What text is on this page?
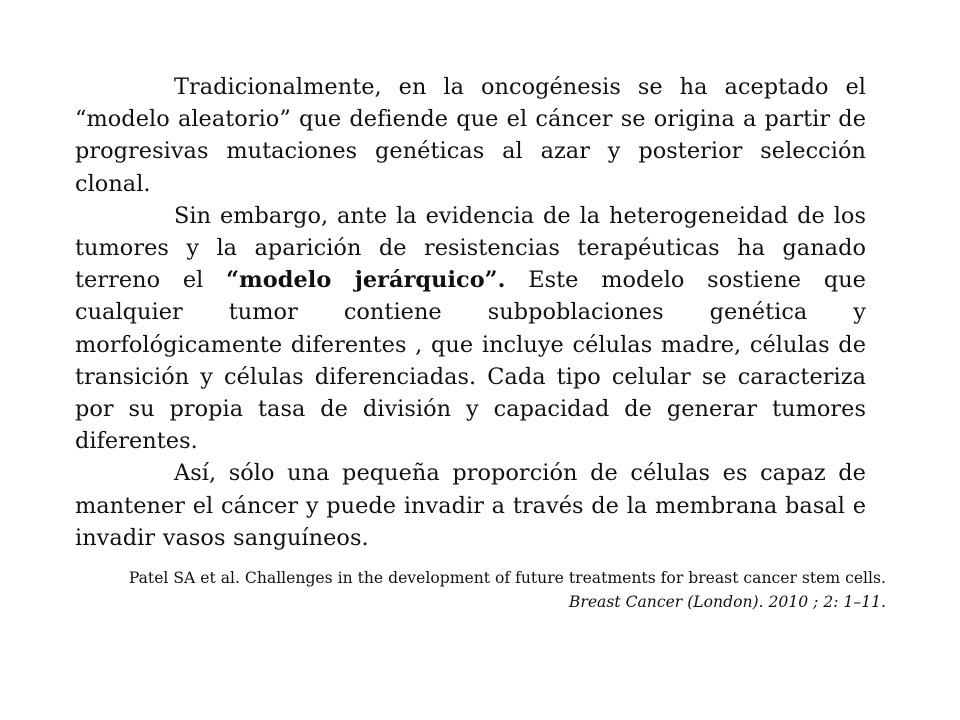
Tradicionalmente, en la oncogénesis se ha aceptado el “modelo aleatorio” que defiende que el cáncer se origina a partir de progresivas mutaciones genéticas al azar y posterior selección clonal.

Sin embargo, ante la evidencia de la heterogeneidad de los tumores y la aparición de resistencias terapéuticas ha ganado terreno el “modelo jerárquico”. Este modelo sostiene que cualquier tumor contiene subpoblaciones genética y morfológicamente diferentes , que incluye células madre, células de transición y células diferenciadas. Cada tipo celular se caracteriza por su propia tasa de división y capacidad de generar tumores diferentes.

Así, sólo una pequeña proporción de células es capaz de mantener el cáncer y puede invadir a través de la membrana basal e invadir vasos sanguíneos.

Patel SA et al. Challenges in the development of future treatments for breast cancer stem cells. Breast Cancer (London). 2010 ; 2: 1–11.
